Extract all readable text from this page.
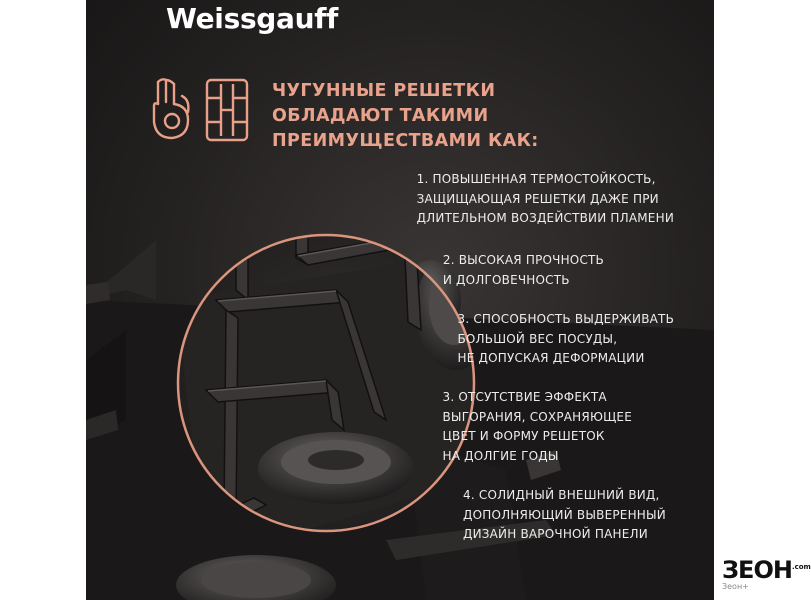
Weissgauff
ЧУГУННЫЕ РЕШЕТКИ
ОБЛАДАЮТ ТАКИМИ
ПРЕИМУЩЕСТВАМИ КАК:

1. ПОВЫШЕННАЯ ТЕРМОСТОЙКОСТЬ,
ЗАЩИЩАЮЩАЯ РЕШЕТКИ ДАЖЕ ПРИ
ДЛИТЕЛЬНОМ ВОЗДЕЙСТВИИ ПЛАМЕНИ

2. ВЫСОКАЯ ПРОЧНОСТЬ
И ДОЛГОВЕЧНОСТЬ

3. СПОСОБНОСТЬ ВЫДЕРЖИВАТЬ
БОЛЬШОЙ ВЕС ПОСУДЫ,
НЕ ДОПУСКАЯ ДЕФОРМАЦИИ

3. ОТСУТСТВИЕ ЭФФЕКТА
ВЫГОРАНИЯ, СОХРАНЯЮЩЕЕ
ЦВЕТ И ФОРМУ РЕШЕТОК
НА ДОЛГИЕ ГОДЫ

4. СОЛИДНЫЙ ВНЕШНИЙ ВИД,
ДОПОЛНЯЮЩИЙ ВЫВЕРЕННЫЙ
ДИЗАЙН ВАРОЧНОЙ ПАНЕЛИ

$ЗЕОН^{.com}$
Зеон+
